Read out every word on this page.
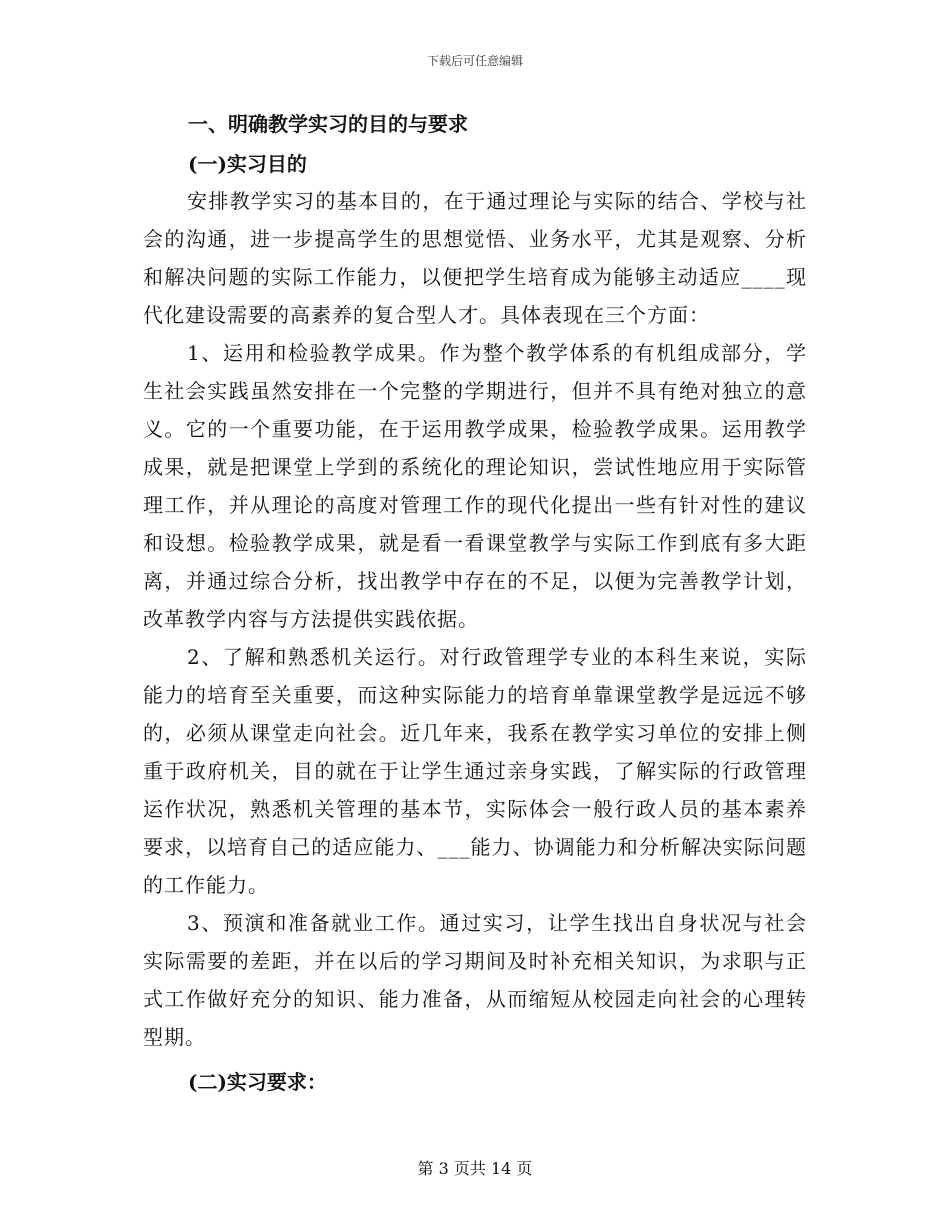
下载后可任意编辑
一、明确教学实习的目的与要求
(一)实习目的

安排教学实习的基本目的，在于通过理论与实际的结合、学校与社会的沟通，进一步提高学生的思想觉悟、业务水平，尤其是观察、分析和解决问题的实际工作能力，以便把学生培育成为能够主动适应____现代化建设需要的高素养的复合型人才。具体表现在三个方面：

1、运用和检验教学成果。作为整个教学体系的有机组成部分，学生社会实践虽然安排在一个完整的学期进行，但并不具有绝对独立的意义。它的一个重要功能，在于运用教学成果，检验教学成果。运用教学成果，就是把课堂上学到的系统化的理论知识，尝试性地应用于实际管理工作，并从理论的高度对管理工作的现代化提出一些有针对性的建议和设想。检验教学成果，就是看一看课堂教学与实际工作到底有多大距离，并通过综合分析，找出教学中存在的不足，以便为完善教学计划，改革教学内容与方法提供实践依据。

2、了解和熟悉机关运行。对行政管理学专业的本科生来说，实际能力的培育至关重要，而这种实际能力的培育单靠课堂教学是远远不够的，必须从课堂走向社会。近几年来，我系在教学实习单位的安排上侧重于政府机关，目的就在于让学生通过亲身实践，了解实际的行政管理运作状况，熟悉机关管理的基本节，实际体会一般行政人员的基本素养要求，以培育自己的适应能力、___能力、协调能力和分析解决实际问题的工作能力。

3、预演和准备就业工作。通过实习，让学生找出自身状况与社会实际需要的差距，并在以后的学习期间及时补充相关知识，为求职与正式工作做好充分的知识、能力准备，从而缩短从校园走向社会的心理转型期。

(二)实习要求：
第 3 页共 14 页
